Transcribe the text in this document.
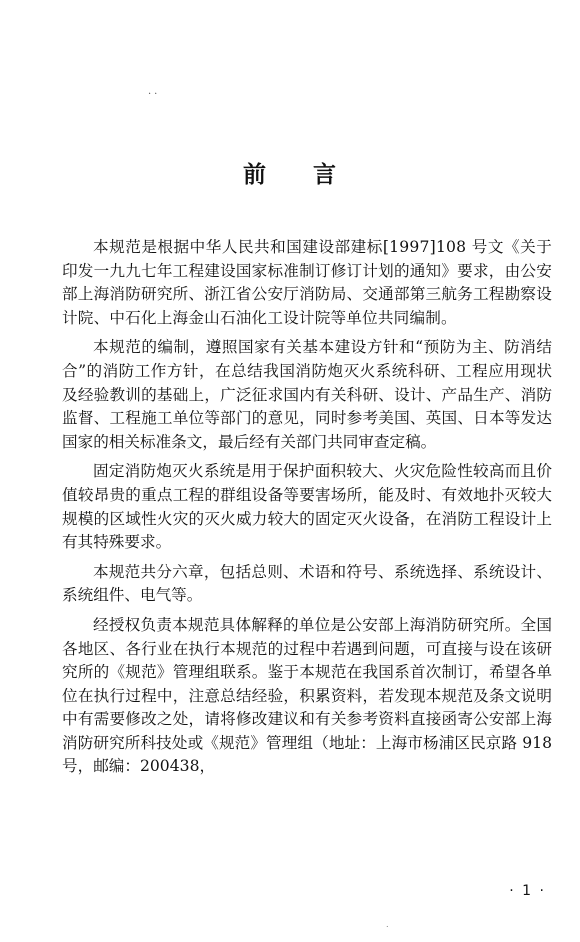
..
前 言

本规范是根据中华人民共和国建设部建标[1997]108 号文《关于印发一九九七年工程建设国家标准制订修订计划的通知》要求，由公安部上海消防研究所、浙江省公安厅消防局、交通部第三航务工程勘察设计院、中石化上海金山石油化工设计院等单位共同编制。

本规范的编制，遵照国家有关基本建设方针和“预防为主、防消结合”的消防工作方针，在总结我国消防炮灭火系统科研、工程应用现状及经验教训的基础上，广泛征求国内有关科研、设计、产品生产、消防监督、工程施工单位等部门的意见，同时参考美国、英国、日本等发达国家的相关标准条文，最后经有关部门共同审查定稿。

固定消防炮灭火系统是用于保护面积较大、火灾危险性较高而且价值较昂贵的重点工程的群组设备等要害场所，能及时、有效地扑灭较大规模的区域性火灾的灭火威力较大的固定灭火设备，在消防工程设计上有其特殊要求。

本规范共分六章，包括总则、术语和符号、系统选择、系统设计、系统组件、电气等。

经授权负责本规范具体解释的单位是公安部上海消防研究所。全国各地区、各行业在执行本规范的过程中若遇到问题，可直接与设在该研究所的《规范》管理组联系。鉴于本规范在我国系首次制订，希望各单位在执行过程中，注意总结经验，积累资料，若发现本规范及条文说明中有需要修改之处，请将修改建议和有关参考资料直接函寄公安部上海消防研究所科技处或《规范》管理组（地址：上海市杨浦区民京路 918 号，邮编：200438，

· 1 ·
.
